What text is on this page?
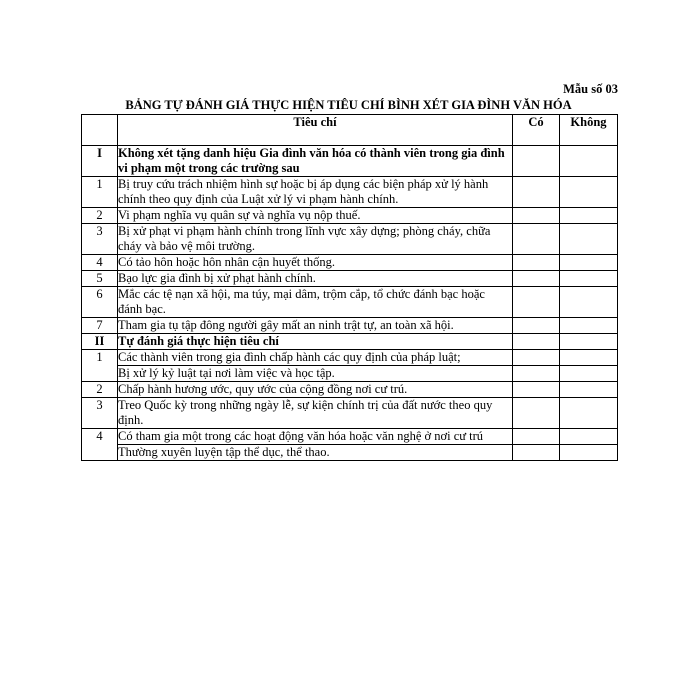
Mẫu số 03
BẢNG TỰ ĐÁNH GIÁ THỰC HIỆN TIÊU CHÍ BÌNH XÉT GIA ĐÌNH VĂN HÓA
	Tiêu chí	Có	Không
I	Không xét tặng danh hiệu Gia đình văn hóa có thành viên trong gia đình vi phạm một trong các trường sau		
1	Bị truy cứu trách nhiệm hình sự hoặc bị áp dụng các biện pháp xử lý hành chính theo quy định của Luật xử lý vi phạm hành chính.		
2	Vi phạm nghĩa vụ quân sự và nghĩa vụ nộp thuế.		
3	Bị xử phạt vi phạm hành chính trong lĩnh vực xây dựng; phòng cháy, chữa cháy và bảo vệ môi trường.		
4	Có tảo hôn hoặc hôn nhân cận huyết thống.		
5	Bạo lực gia đình bị xử phạt hành chính.		
6	Mắc các tệ nạn xã hội, ma túy, mại dâm, trộm cắp, tổ chức đánh bạc hoặc đánh bạc.		
7	Tham gia tụ tập đông người gây mất an ninh trật tự, an toàn xã hội.		
II	Tự đánh giá thực hiện tiêu chí		
1	Các thành viên trong gia đình chấp hành các quy định của pháp luật;		
	Bị xử lý kỷ luật tại nơi làm việc và học tập.		
2	Chấp hành hương ước, quy ước của cộng đồng nơi cư trú.		
3	Treo Quốc kỳ trong những ngày lễ, sự kiện chính trị của đất nước theo quy định.		
4	Có tham gia một trong các hoạt động văn hóa hoặc văn nghệ ở nơi cư trú		
	Thường xuyên luyện tập thể dục, thể thao.		
